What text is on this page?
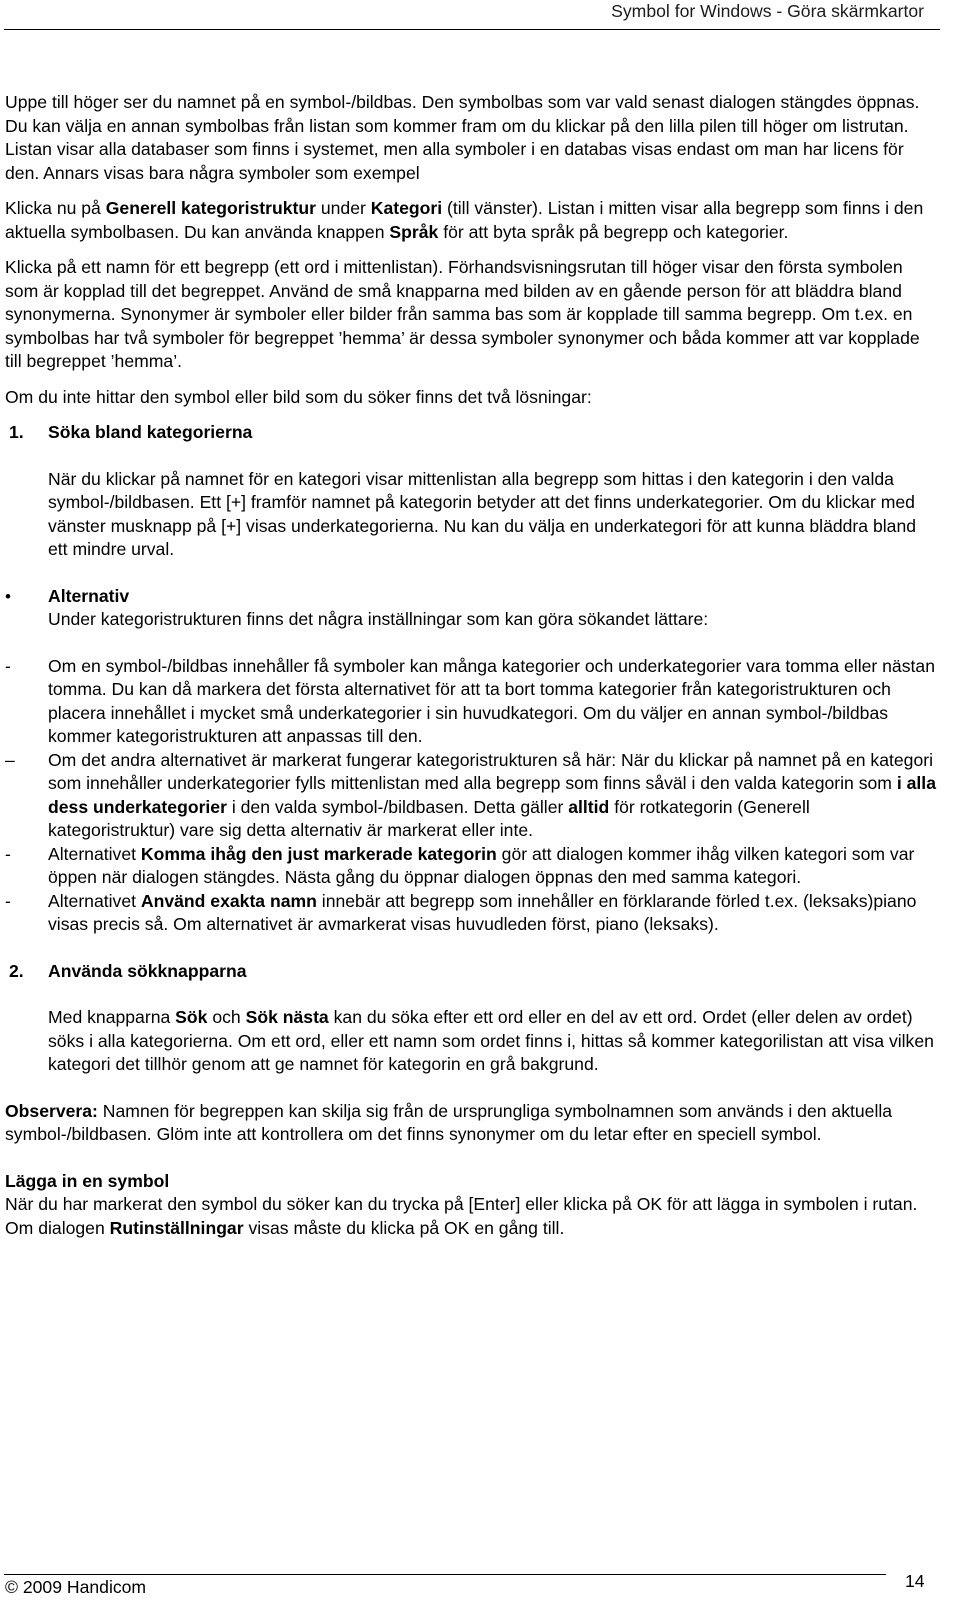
Symbol for Windows - Göra skärmkartor

Uppe till höger ser du namnet på en symbol-/bildbas. Den symbolbas som var vald senast dialogen stängdes öppnas. Du kan välja en annan symbolbas från listan som kommer fram om du klickar på den lilla pilen till höger om listrutan. Listan visar alla databaser som finns i systemet, men alla symboler i en databas visas endast om man har licens för den. Annars visas bara några symboler som exempel

Klicka nu på Generell kategoristruktur under Kategori (till vänster). Listan i mitten visar alla begrepp som finns i den aktuella symbolbasen. Du kan använda knappen Språk för att byta språk på begrepp och kategorier.

Klicka på ett namn för ett begrepp (ett ord i mittenlistan). Förhandsvisningsrutan till höger visar den första symbolen som är kopplad till det begreppet. Använd de små knapparna med bilden av en gående person för att bläddra bland synonymerna. Synonymer är symboler eller bilder från samma bas som är kopplade till samma begrepp. Om t.ex. en symbolbas har två symboler för begreppet ’hemma’ är dessa symboler synonymer och båda kommer att var kopplade till begreppet ’hemma’.

Om du inte hittar den symbol eller bild som du söker finns det två lösningar:

1. Söka bland kategorierna

När du klickar på namnet för en kategori visar mittenlistan alla begrepp som hittas i den kategorin i den valda symbol-/bildbasen. Ett [+] framför namnet på kategorin betyder att det finns underkategorier. Om du klickar med vänster musknapp på [+] visas underkategorierna. Nu kan du välja en underkategori för att kunna bläddra bland ett mindre urval.

• Alternativ

Under kategoristrukturen finns det några inställningar som kan göra sökandet lättare:

- Om en symbol-/bildbas innehåller få symboler kan många kategorier och underkategorier vara tomma eller nästan tomma. Du kan då markera det första alternativet för att ta bort tomma kategorier från kategoristrukturen och placera innehållet i mycket små underkategorier i sin huvudkategori. Om du väljer en annan symbol-/bildbas kommer kategoristrukturen att anpassas till den.

– Om det andra alternativet är markerat fungerar kategoristrukturen så här: När du klickar på namnet på en kategori som innehåller underkategorier fylls mittenlistan med alla begrepp som finns såväl i den valda kategorin som i alla dess underkategorier i den valda symbol-/bildbasen. Detta gäller alltid för rotkategorin (Generell kategoristruktur) vare sig detta alternativ är markerat eller inte.

- Alternativet Komma ihåg den just markerade kategorin gör att dialogen kommer ihåg vilken kategori som var öppen när dialogen stängdes. Nästa gång du öppnar dialogen öppnas den med samma kategori.

- Alternativet Använd exakta namn innebär att begrepp som innehåller en förklarande förled t.ex. (leksaks)piano visas precis så. Om alternativet är avmarkerat visas huvudleden först, piano (leksaks).

2. Använda sökknapparna

Med knapparna Sök och Sök nästa kan du söka efter ett ord eller en del av ett ord. Ordet (eller delen av ordet) söks i alla kategorierna. Om ett ord, eller ett namn som ordet finns i, hittas så kommer kategorilistan att visa vilken kategori det tillhör genom att ge namnet för kategorin en grå bakgrund.

Observera: Namnen för begreppen kan skilja sig från de ursprungliga symbolnamnen som används i den aktuella symbol-/bildbasen. Glöm inte att kontrollera om det finns synonymer om du letar efter en speciell symbol.

Lägga in en symbol

När du har markerat den symbol du söker kan du trycka på [Enter] eller klicka på OK för att lägga in symbolen i rutan. Om dialogen Rutinställningar visas måste du klicka på OK en gång till.

© 2009 Handicom	14
